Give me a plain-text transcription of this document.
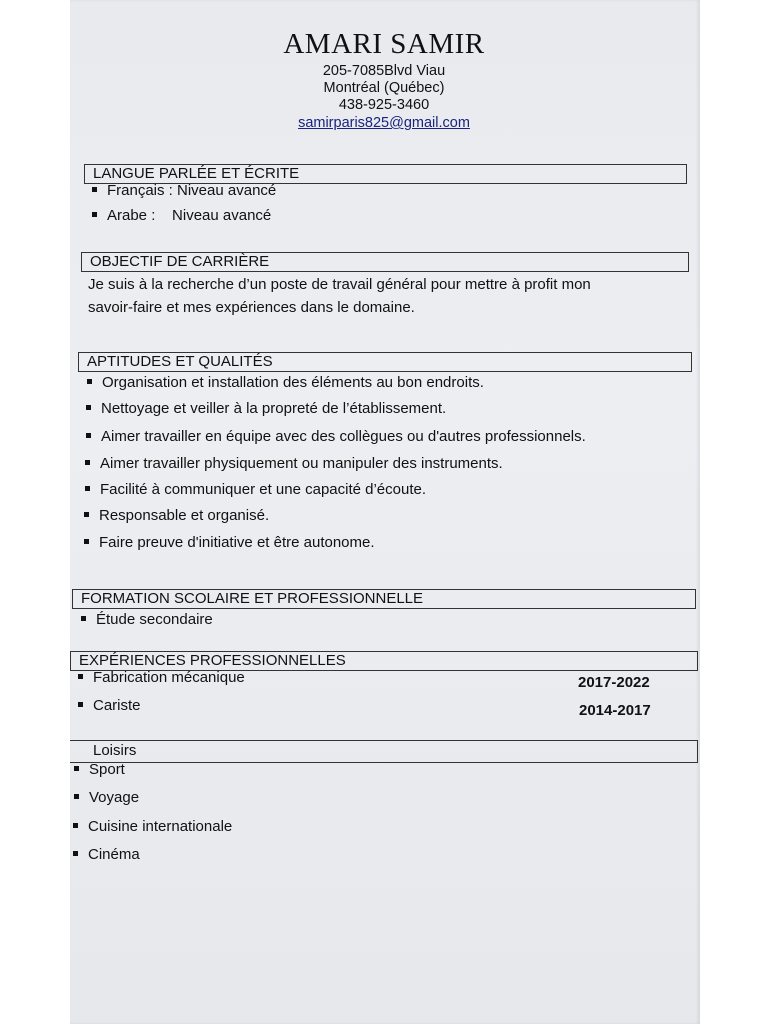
AMARI SAMIR
205-7085Blvd Viau
Montréal (Québec)
438-925-3460
samirparis825@gmail.com
LANGUE PARLÉE ET ÉCRITE
Français : Niveau avancé
Arabe :    Niveau avancé
OBJECTIF DE CARRIÈRE
Je suis à la recherche d’un poste de travail général pour mettre à profit mon
savoir-faire et mes expériences dans le domaine.
APTITUDES ET QUALITÉS
Organisation et installation des éléments au bon endroits.
Nettoyage et veiller à la propreté de l’établissement.
Aimer travailler en équipe avec des collègues ou d'autres professionnels.
Aimer travailler physiquement ou manipuler des instruments.
Facilité à communiquer et une capacité d’écoute.
Responsable et organisé.
Faire preuve d'initiative et être autonome.
FORMATION SCOLAIRE ET PROFESSIONNELLE
Étude secondaire
EXPÉRIENCES PROFESSIONNELLES
Fabrication mécanique	2017-2022
Cariste	2014-2017
Loisirs
Sport
Voyage
Cuisine internationale
Cinéma
